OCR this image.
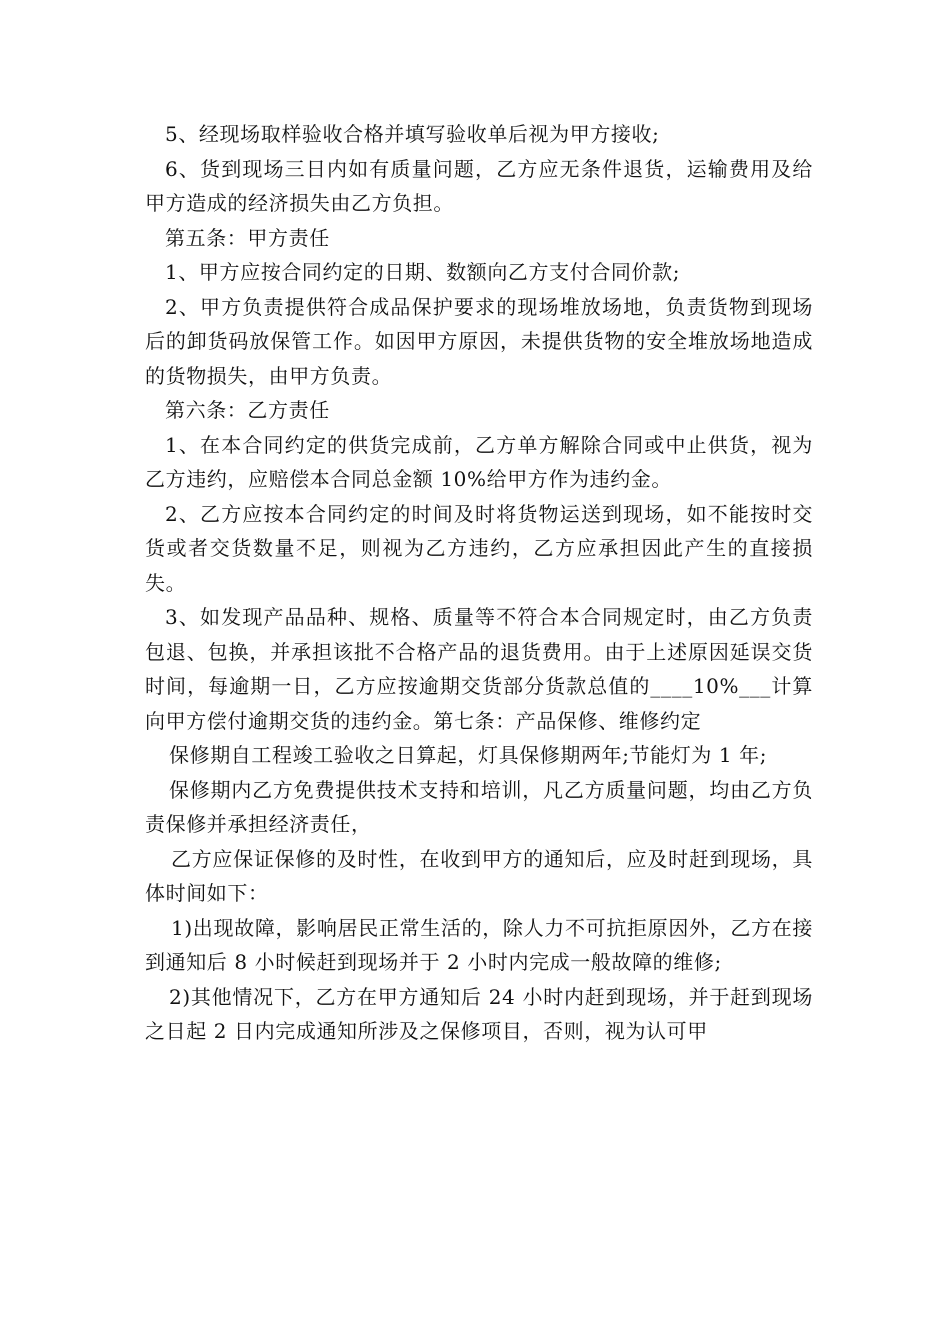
5、经现场取样验收合格并填写验收单后视为甲方接收;

6、货到现场三日内如有质量问题，乙方应无条件退货，运输费用及给甲方造成的经济损失由乙方负担。

第五条：甲方责任

1、甲方应按合同约定的日期、数额向乙方支付合同价款;

2、甲方负责提供符合成品保护要求的现场堆放场地，负责货物到现场后的卸货码放保管工作。如因甲方原因，未提供货物的安全堆放场地造成的货物损失，由甲方负责。

第六条：乙方责任

1、在本合同约定的供货完成前，乙方单方解除合同或中止供货，视为乙方违约，应赔偿本合同总金额 10%给甲方作为违约金。

2、乙方应按本合同约定的时间及时将货物运送到现场，如不能按时交货或者交货数量不足，则视为乙方违约，乙方应承担因此产生的直接损失。

3、如发现产品品种、规格、质量等不符合本合同规定时，由乙方负责包退、包换，并承担该批不合格产品的退货费用。由于上述原因延误交货时间，每逾期一日，乙方应按逾期交货部分货款总值的____10%___计算向甲方偿付逾期交货的违约金。第七条：产品保修、维修约定

保修期自工程竣工验收之日算起，灯具保修期两年;节能灯为 1 年;

保修期内乙方免费提供技术支持和培训，凡乙方质量问题，均由乙方负责保修并承担经济责任，

乙方应保证保修的及时性，在收到甲方的通知后，应及时赶到现场，具体时间如下：

1)出现故障，影响居民正常生活的，除人力不可抗拒原因外，乙方在接到通知后 8 小时候赶到现场并于 2 小时内完成一般故障的维修;

2)其他情况下，乙方在甲方通知后 24 小时内赶到现场，并于赶到现场之日起 2 日内完成通知所涉及之保修项目，否则，视为认可甲
